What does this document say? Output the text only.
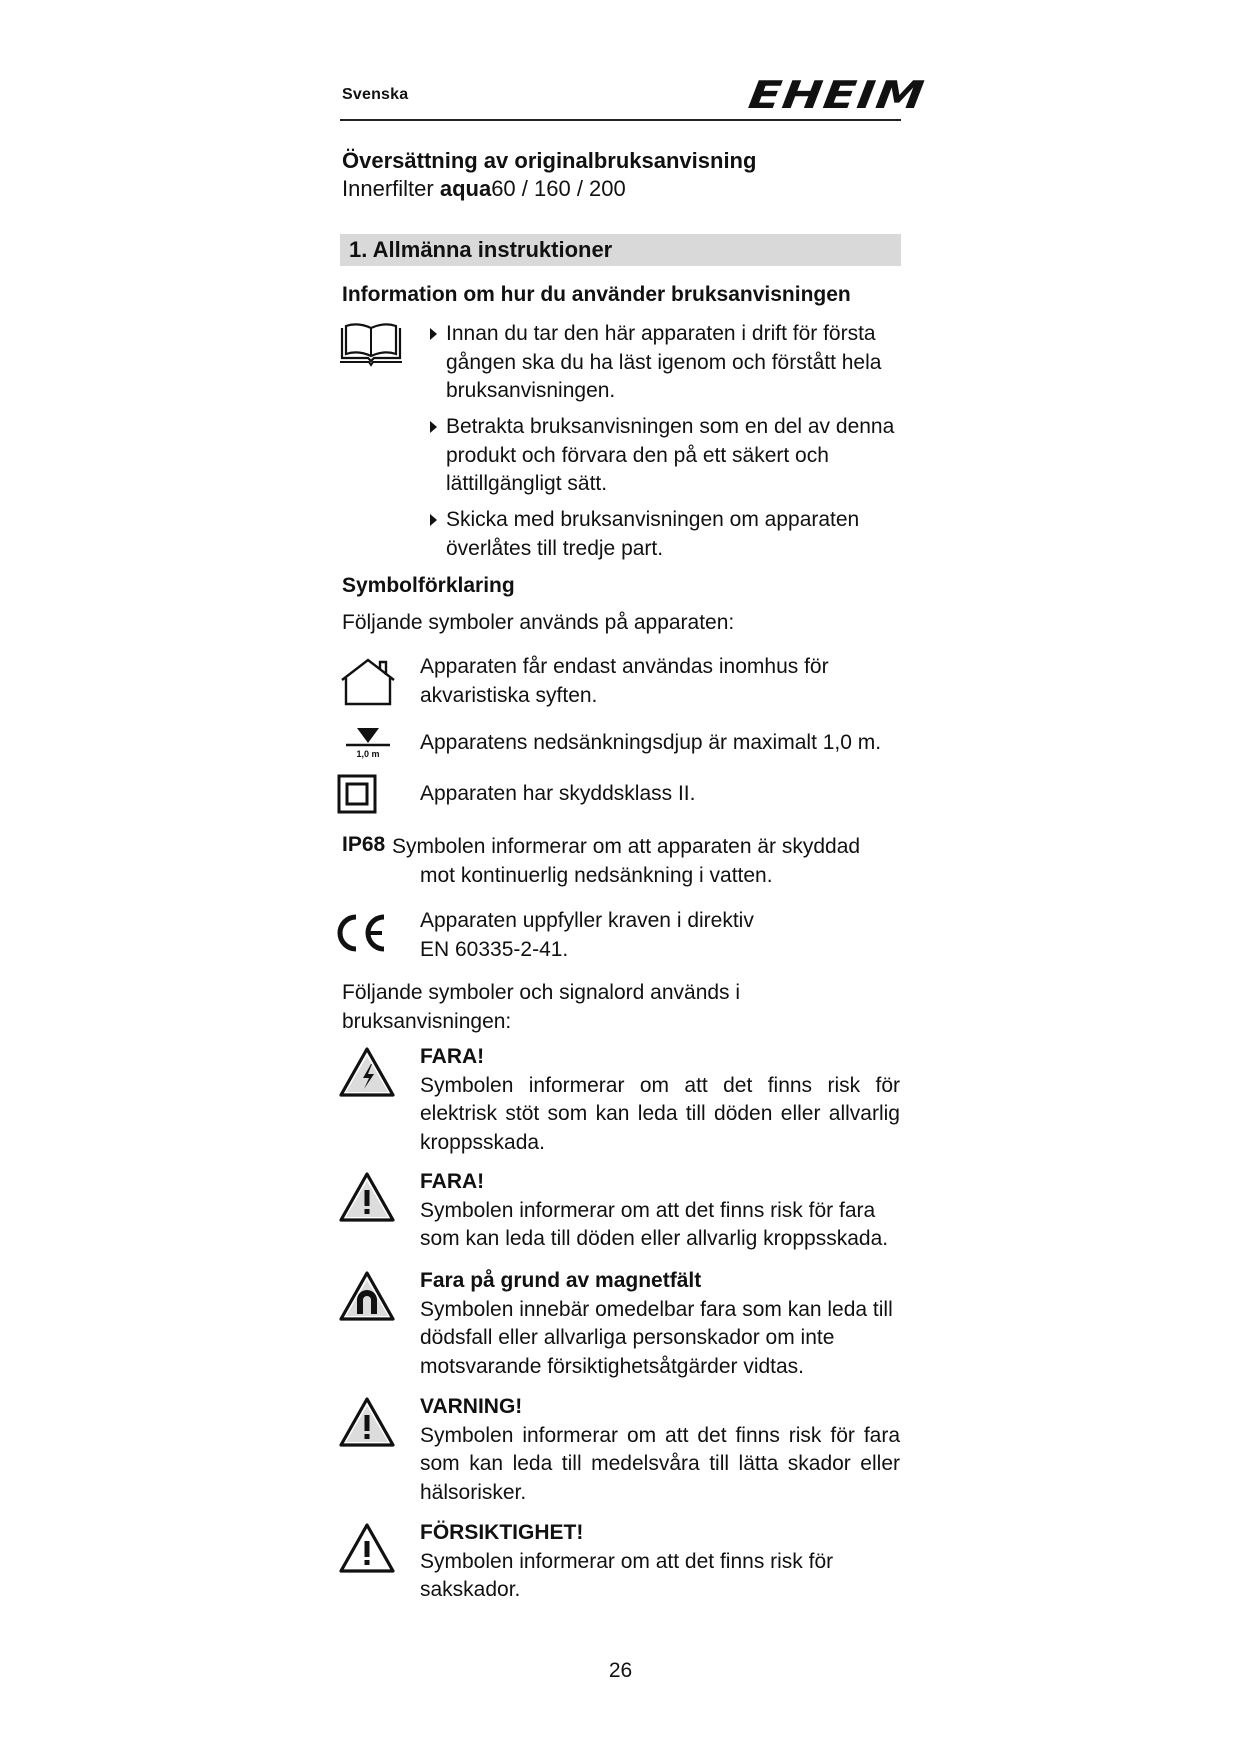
Svenska	EHEIM
Översättning av originalbruksanvisning
Innerfilter aqua60 / 160 / 200
1. Allmänna instruktioner
Information om hur du använder bruksanvisningen
Innan du tar den här apparaten i drift för första gången ska du ha läst igenom och förstått hela bruksanvisningen.
Betrakta bruksanvisningen som en del av denna produkt och förvara den på ett säkert och lättillgängligt sätt.
Skicka med bruksanvisningen om apparaten överlåtes till tredje part.
Symbolförklaring
Följande symboler används på apparaten:
Apparaten får endast användas inomhus för akvaristiska syften.
1,0 m Apparatens nedsänkningsdjup är maximalt 1,0 m.
Apparaten har skyddsklass II.
IP68 Symbolen informerar om att apparaten är skyddad
mot kontinuerlig nedsänkning i vatten.
Apparaten uppfyller kraven i direktiv
EN 60335-2-41.
Följande symboler och signalord används i bruksanvisningen:
FARA!
Symbolen informerar om att det finns risk för elektrisk stöt som kan leda till döden eller allvarlig kroppsskada.
FARA!
Symbolen informerar om att det finns risk för fara som kan leda till döden eller allvarlig kroppsskada.
Fara på grund av magnetfält
Symbolen innebär omedelbar fara som kan leda till dödsfall eller allvarliga personskador om inte motsvarande försiktighetsåtgärder vidtas.
VARNING!
Symbolen informerar om att det finns risk för fara som kan leda till medelsvåra till lätta skador eller hälsorisker.
FÖRSIKTIGHET!
Symbolen informerar om att det finns risk för sakskador.
26
